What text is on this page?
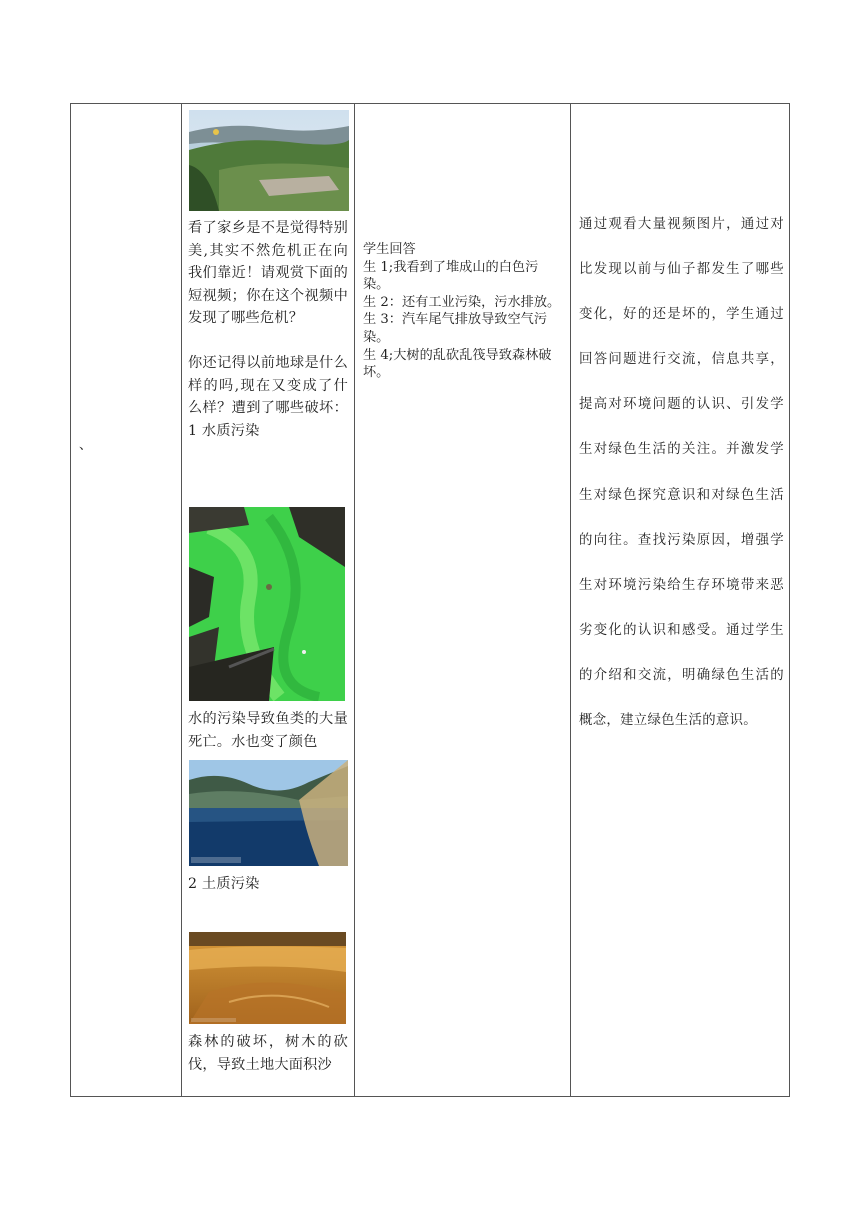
、
看了家乡是不是觉得特别美,其实不然危机正在向我们靠近！请观赏下面的短视频；你在这个视频中发现了哪些危机？
你还记得以前地球是什么样的吗,现在又变成了什么样？遭到了哪些破坏：1 水质污染
水的污染导致鱼类的大量死亡。水也变了颜色
2 土质污染
森林的破坏，树木的砍伐，导致土地大面积沙

学生回答

生 1;我看到了堆成山的白色污染。

生 2：还有工业污染，污水排放。

生 3：汽车尾气排放导致空气污染。

生 4;大树的乱砍乱筏导致森林破坏。

通过观看大量视频图片，通过对比发现以前与仙子都发生了哪些变化，好的还是坏的，学生通过回答问题进行交流，信息共享，提高对环境问题的认识、引发学生对绿色生活的关注。并激发学生对绿色探究意识和对绿色生活的向往。查找污染原因，增强学生对环境污染给生存环境带来恶劣变化的认识和感受。通过学生的介绍和交流，明确绿色生活的概念，建立绿色生活的意识。
